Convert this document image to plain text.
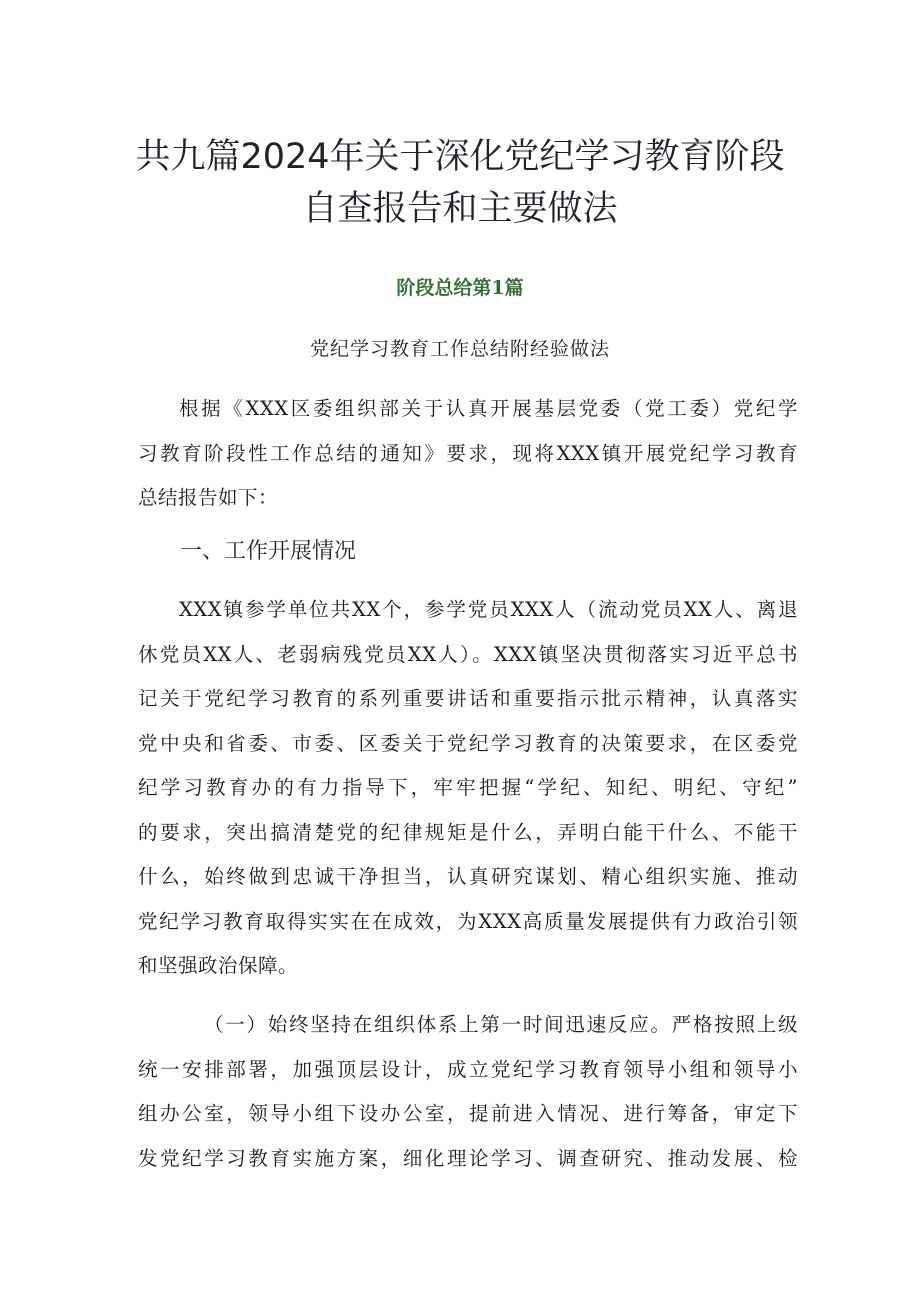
共九篇2024年关于深化党纪学习教育阶段
自查报告和主要做法
阶段总给第1篇
党纪学习教育工作总结附经验做法

根据《XXX区委组织部关于认真开展基层党委（党工委）党纪学
习教育阶段性工作总结的通知》要求，现将XXX镇开展党纪学习教育
总结报告如下：

一、工作开展情况

XXX镇参学单位共XX个，参学党员XXX人（流动党员XX人、离退
休党员XX人、老弱病残党员XX人）。XXX镇坚决贯彻落实习近平总书
记关于党纪学习教育的系列重要讲话和重要指示批示精神，认真落实
党中央和省委、市委、区委关于党纪学习教育的决策要求，在区委党
纪学习教育办的有力指导下，牢牢把握“学纪、知纪、明纪、守纪”
的要求，突出搞清楚党的纪律规矩是什么，弄明白能干什么、不能干
什么，始终做到忠诚干净担当，认真研究谋划、精心组织实施、推动
党纪学习教育取得实实在在成效，为XXX高质量发展提供有力政治引领
和坚强政治保障。

（一）始终坚持在组织体系上第一时间迅速反应。严格按照上级
统一安排部署，加强顶层设计，成立党纪学习教育领导小组和领导小
组办公室，领导小组下设办公室，提前进入情况、进行筹备，审定下
发党纪学习教育实施方案，细化理论学习、调查研究、推动发展、检
